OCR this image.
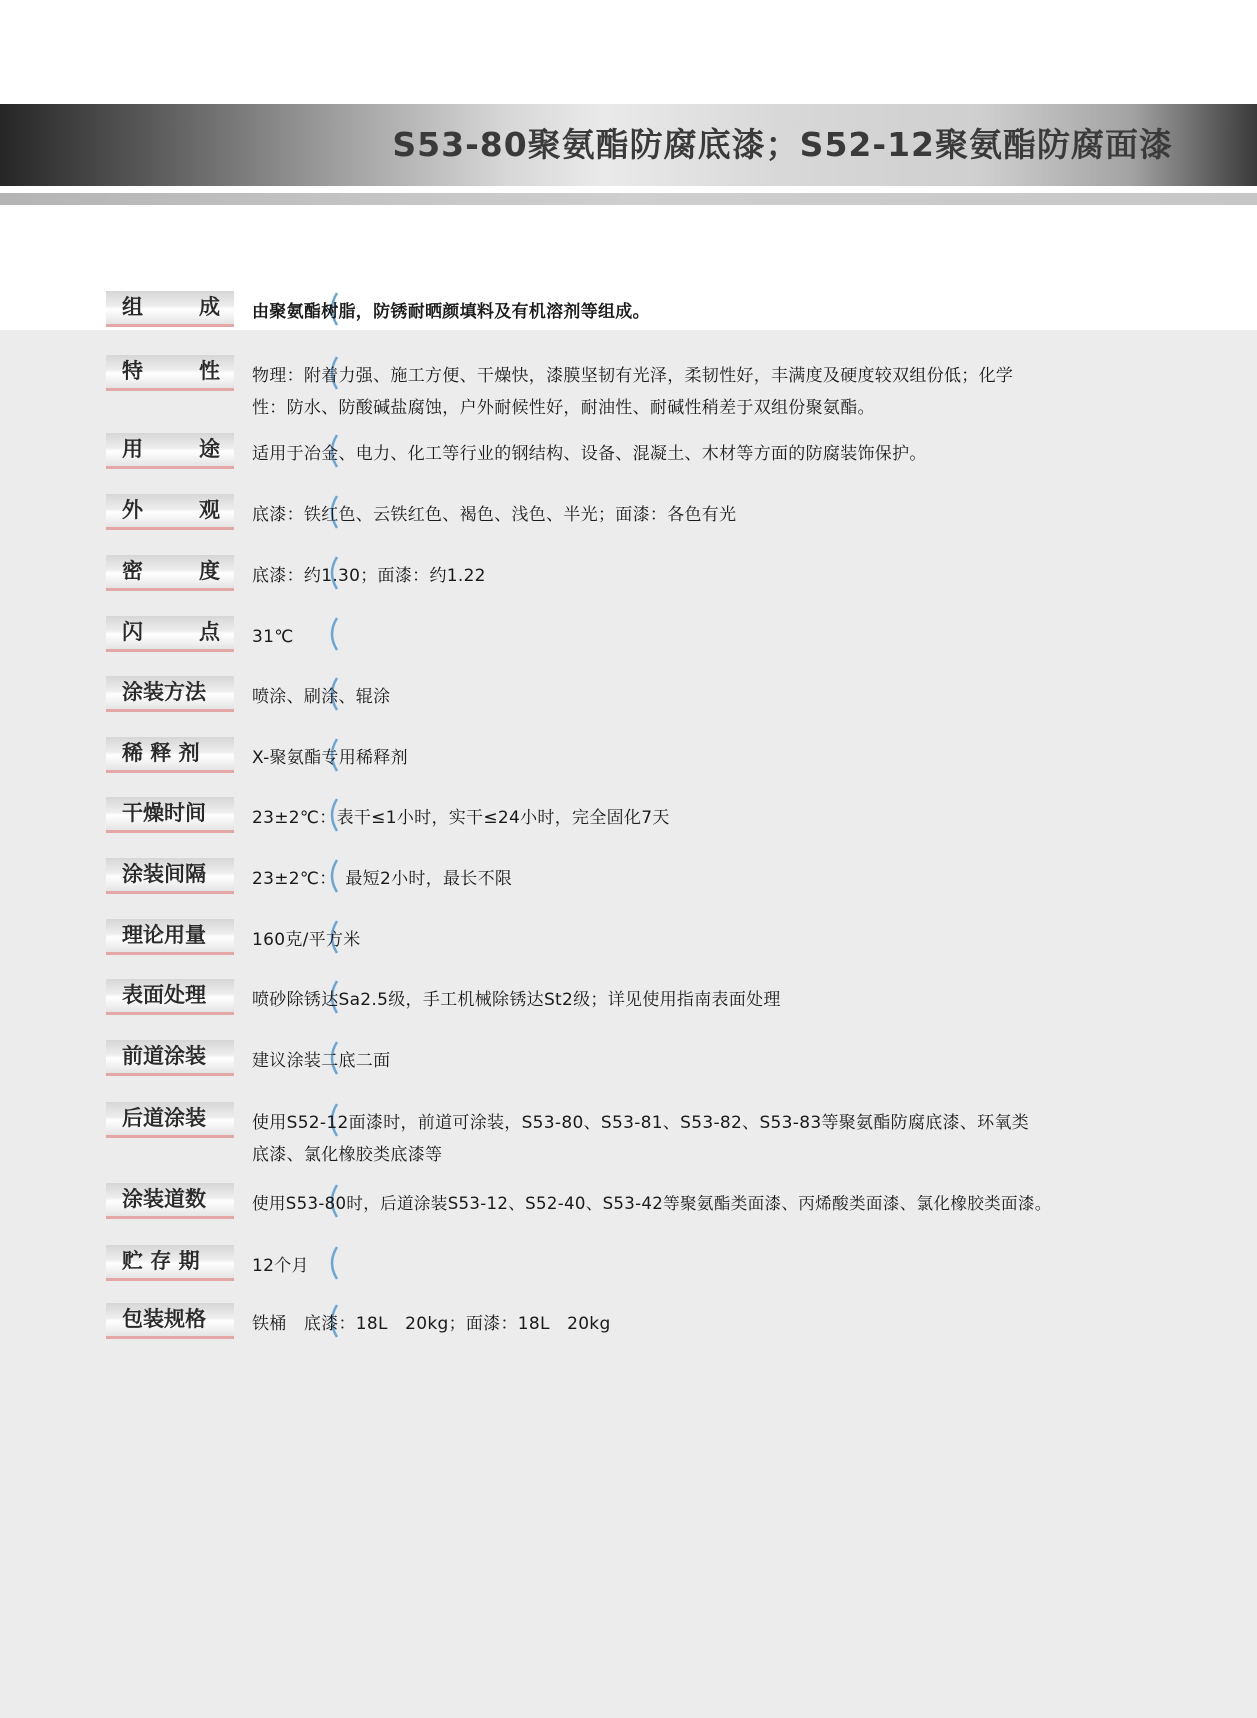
S53-80聚氨酯防腐底漆；S52-12聚氨酯防腐面漆
组　成 由聚氨酯树脂，防锈耐晒颜填料及有机溶剂等组成。
特　性 物理：附着力强、施工方便、干燥快，漆膜坚韧有光泽，柔韧性好，丰满度及硬度较双组份低；化学
性：防水、防酸碱盐腐蚀，户外耐候性好，耐油性、耐碱性稍差于双组份聚氨酯。
用　途 适用于冶金、电力、化工等行业的钢结构、设备、混凝土、木材等方面的防腐装饰保护。
外　观 底漆：铁红色、云铁红色、褐色、浅色、半光；面漆：各色有光
密　度 底漆：约1.30；面漆：约1.22
闪　点 31℃
涂装方法	喷涂、刷涂、辊涂
稀 释 剂	X-聚氨酯专用稀释剂
干燥时间	23±2℃：表干≤1小时，实干≤24小时，完全固化7天
涂装间隔	23±2℃：　最短2小时，最长不限
理论用量	160克/平方米
表面处理	喷砂除锈达Sa2.5级，手工机械除锈达St2级；详见使用指南表面处理
前道涂装	建议涂装二底二面
后道涂装	使用S52-12面漆时，前道可涂装，S53-80、S53-81、S53-82、S53-83等聚氨酯防腐底漆、环氧类
底漆、氯化橡胶类底漆等
涂装道数	使用S53-80时，后道涂装S53-12、S52-40、S53-42等聚氨酯类面漆、丙烯酸类面漆、氯化橡胶类面漆。
贮 存 期	12个月
包装规格	铁桶　底漆：18L　20kg；面漆：18L　20kg
